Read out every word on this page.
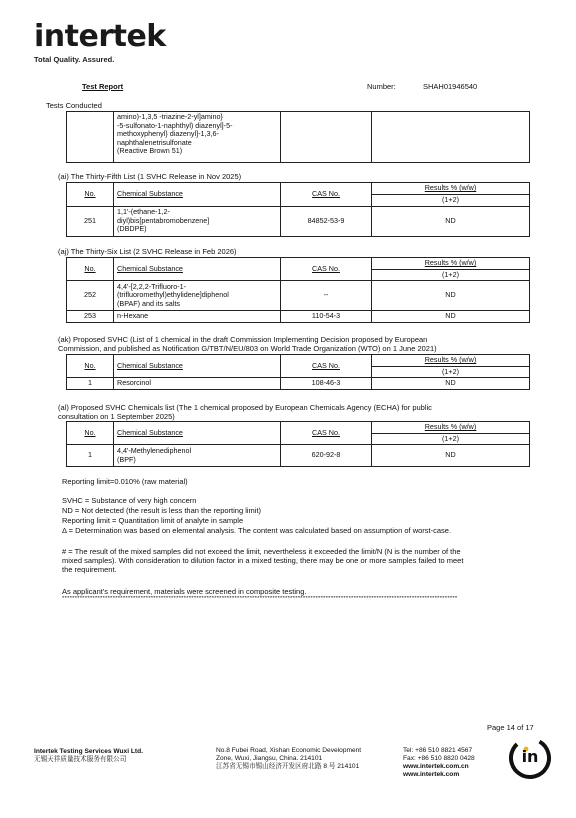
intertek
Total Quality. Assured.
Test Report	Number:	SHAH01946540
Tests Conducted

amino)-1,3,5 -triazine-2-yl]amino}
-5-sulfonato-1-naphthyl) diazenyl]-5-
methoxyphenyl} diazenyl]-1,3,6-
naphthalenetrisulfonate
(Reactive Brown 51)

(ai) The Thirty-Fifth List (1 SVHC Release in Nov 2025)
No.	Chemical Substance	CAS No.	Results % (w/w)
			(1+2)
251	1,1'-(ethane-1,2-
diyl)bis[pentabromobenzene]
(DBDPE)	84852-53-9	ND
(aj) The Thirty-Six List (2 SVHC Release in Feb 2026)
No.	Chemical Substance	CAS No.	Results % (w/w)
			(1+2)
252	4,4'-[2,2,2-Trifluoro-1-
(trifluoromethyl)ethylidene]diphenol
(BPAF) and its salts	--	ND
253	n-Hexane	110-54-3	ND
(ak) Proposed SVHC (List of 1 chemical in the draft Commission Implementing Decision proposed by European
Commission, and published as Notification G/TBT/N/EU/803 on World Trade Organization (WTO) on 1 June 2021)
No.	Chemical Substance	CAS No.	Results % (w/w)
			(1+2)
1	Resorcinol	108-46-3	ND
(al) Proposed SVHC Chemicals list (The 1 chemical proposed by European Chemicals Agency (ECHA) for public
consultation on 1 September 2025)
No.	Chemical Substance	CAS No.	Results % (w/w)
			(1+2)
1	4,4'-Methylenediphenol
(BPF)	620-92-8	ND
Reporting limit=0.010% (raw material)
SVHC = Substance of very high concern
ND = Not detected (the result is less than the reporting limit)
Reporting limit = Quantitation limit of analyte in sample
Δ = Determination was based on elemental analysis. The content was calculated based on assumption of worst-case.
# = The result of the mixed samples did not exceed the limit, nevertheless it exceeded the limit/N (N is the number of the
mixed samples). With consideration to dilution factor in a mixed testing, there may be one or more samples failed to meet
the requirement.
As applicant's requirement, materials were screened in composite testing.
************************************************************************************************************************************************************
Page 14 of 17
Intertek Testing Services Wuxi Ltd.
无锡天祥质量技术服务有限公司
No.8 Fubei Road, Xishan Economic Development
Zone, Wuxi, Jiangsu, China. 214101
江苏省无锡市锡山经济开发区府北路 8 号 214101
Tel: +86 510 8821 4567
Fax: +86 510 8820 0428
www.intertek.com.cn
www.intertek.com
in
